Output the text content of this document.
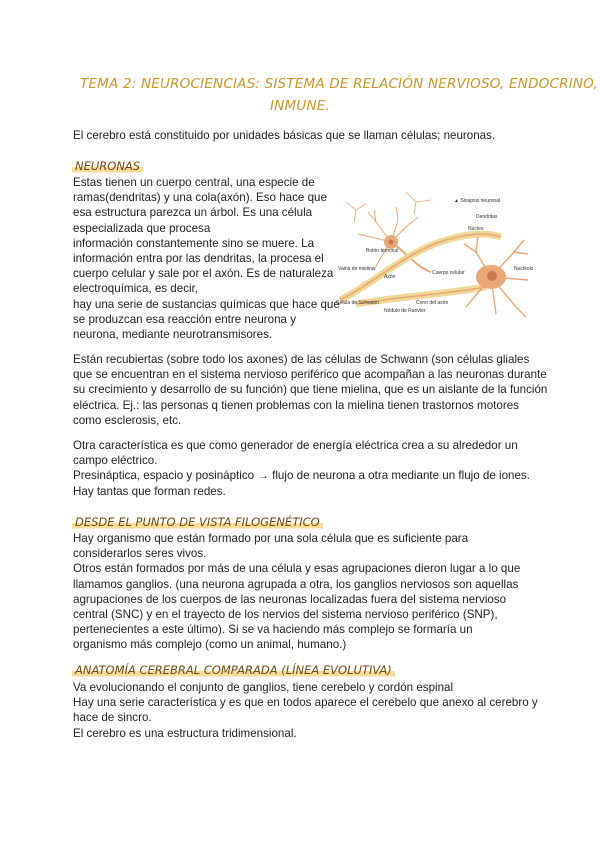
TEMA 2: NEUROCIENCIAS: SISTEMA DE RELACIÓN NERVIOSO, ENDOCRINO,
INMUNE.

El cerebro está constituido por unidades básicas que se llaman células; neuronas.

NEURONAS

Estas tienen un cuerpo central, una especie de
ramas(dendritas) y una cola(axón). Eso hace que
esa estructura parezca un árbol. Es una célula
especializada que procesa
información constantemente sino se muere. La
información entra por las dendritas, la procesa el
cuerpo celular y sale por el axón. Es de naturaleza
electroquímica, es decir,
hay una serie de sustancias químicas que hace que
se produzcan esa reacción entre neurona y
neurona, mediante neurotransmisores.

▲ Sinapsis neuronal
Dendritas
Núcleo
Nucléolo
Botón terminal
Vaina de mielina
Axón
Cuerpo celular
Célula de Schwann
Nódulo de Ranvier
Cono del axón

Están recubiertas (sobre todo los axones) de las células de Schwann (son células gliales
que se encuentran en el sistema nervioso periférico que acompañan a las neuronas durante
su crecimiento y desarrollo de su función) que tiene mielina, que es un aislante de la función
eléctrica. Ej.: las personas q tienen problemas con la mielina tienen trastornos motores
como esclerosis, etc.

Otra característica es que como generador de energía eléctrica crea a su alrededor un
campo eléctrico.
Presináptica, espacio y posináptico → flujo de neurona a otra mediante un flujo de iones.
Hay tantas que forman redes.

DESDE EL PUNTO DE VISTA FILOGENÉTICO

Hay organismo que están formado por una sola célula que es suficiente para
considerarlos seres vivos.
Otros están formados por más de una célula y esas agrupaciones dieron lugar a lo que
llamamos ganglios. (una neurona agrupada a otra, los ganglios nerviosos son aquellas
agrupaciones de los cuerpos de las neuronas localizadas fuera del sistema nervioso
central (SNC) y en el trayecto de los nervios del sistema nervioso periférico (SNP),
pertenecientes a este último). Si se va haciendo más complejo se formaría un
organismo más complejo (como un animal, humano.)

ANATOMÍA CEREBRAL COMPARADA (LÍNEA EVOLUTIVA)

Va evolucionando el conjunto de ganglios, tiene cerebelo y cordón espinal
Hay una serie característica y es que en todos aparece el cerebelo que anexo al cerebro y
hace de sincro.
El cerebro es una estructura tridimensional.
